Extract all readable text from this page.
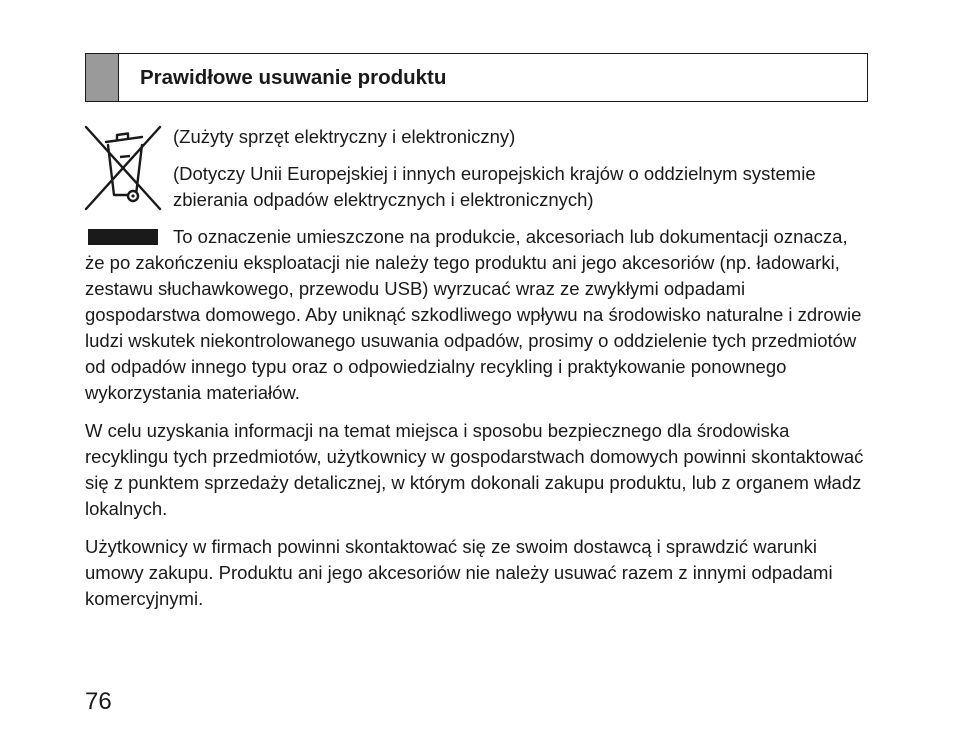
Prawidłowe usuwanie produktu

(Zużyty sprzęt elektryczny i elektroniczny)

(Dotyczy Unii Europejskiej i innych europejskich krajów o oddzielnym systemie zbierania odpadów elektrycznych i elektronicznych)

To oznaczenie umieszczone na produkcie, akcesoriach lub dokumentacji oznacza, że po zakończeniu eksploatacji nie należy tego produktu ani jego akcesoriów (np. ładowarki, zestawu słuchawkowego, przewodu USB) wyrzucać wraz ze zwykłymi odpadami gospodarstwa domowego. Aby uniknąć szkodliwego wpływu na środowisko naturalne i zdrowie ludzi wskutek niekontrolowanego usuwania odpadów, prosimy o oddzielenie tych przedmiotów od odpadów innego typu oraz o odpowiedzialny recykling i praktykowanie ponownego wykorzystania materiałów.

W celu uzyskania informacji na temat miejsca i sposobu bezpiecznego dla środowiska recyklingu tych przedmiotów, użytkownicy w gospodarstwach domowych powinni skontaktować się z punktem sprzedaży detalicznej, w którym dokonali zakupu produktu, lub z organem władz lokalnych.

Użytkownicy w firmach powinni skontaktować się ze swoim dostawcą i sprawdzić warunki umowy zakupu. Produktu ani jego akcesoriów nie należy usuwać razem z innymi odpadami komercyjnymi.

76
